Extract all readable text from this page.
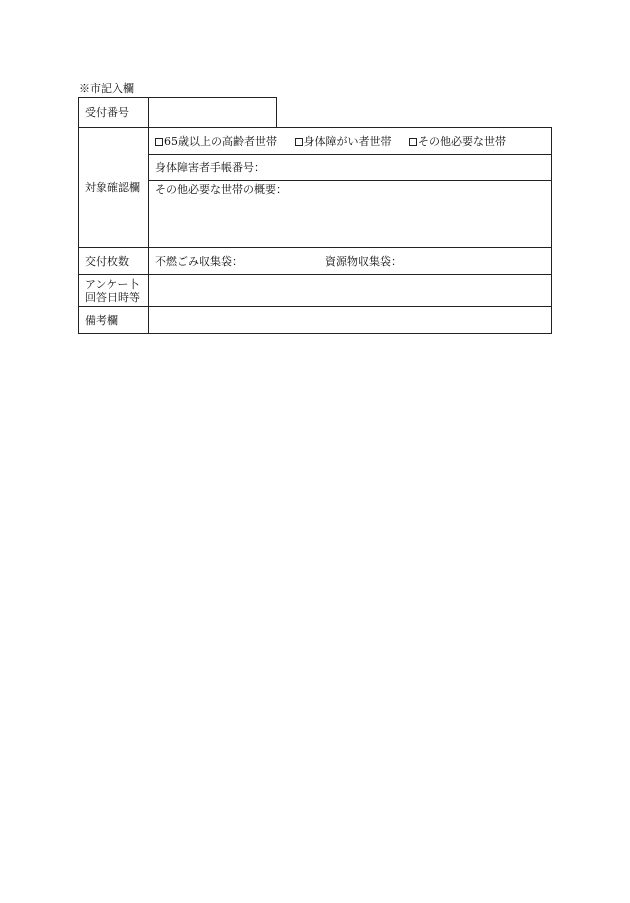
※市記入欄
受付番号		
対象確認欄	65歳以上の高齢者世帯 身体障がい者世帯 その他必要な世帯	
	身体障害者手帳番号：	
	その他必要な世帯の概要：	
交付枚数	不燃ごみ収集袋： 資源物収集袋：	

アンケー卜
回答日時等		

備考欄		
